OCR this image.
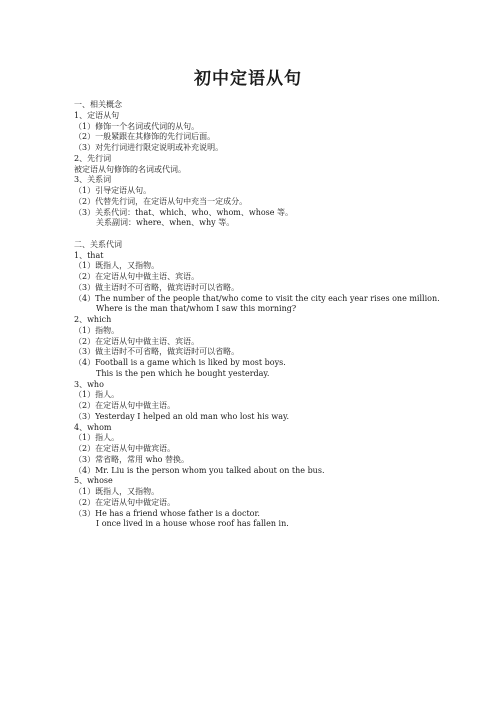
初中定语从句
一、相关概念
1、定语从句
（1）修饰一个名词或代词的从句。
（2）一般紧跟在其修饰的先行词后面。
（3）对先行词进行限定说明或补充说明。
2、先行词
被定语从句修饰的名词或代词。
3、关系词
（1）引导定语从句。
（2）代替先行词，在定语从句中充当一定成分。
（3）关系代词：that、which、who、whom、whose 等。
关系副词：where、when、why 等。
二、关系代词
1、that
（1）既指人，又指物。
（2）在定语从句中做主语、宾语。
（3）做主语时不可省略，做宾语时可以省略。
（4）The number of the people that/who come to visit the city each year rises one million.
Where is the man that/whom I saw this morning?
2、which
（1）指物。
（2）在定语从句中做主语、宾语。
（3）做主语时不可省略，做宾语时可以省略。
（4）Football is a game which is liked by most boys.
This is the pen which he bought yesterday.
3、who
（1）指人。
（2）在定语从句中做主语。
（3）Yesterday I helped an old man who lost his way.
4、whom
（1）指人。
（2）在定语从句中做宾语。
（3）常省略，常用 who 替换。
（4）Mr. Liu is the person whom you talked about on the bus.
5、whose
（1）既指人，又指物。
（2）在定语从句中做定语。
（3）He has a friend whose father is a doctor.
I once lived in a house whose roof has fallen in.
